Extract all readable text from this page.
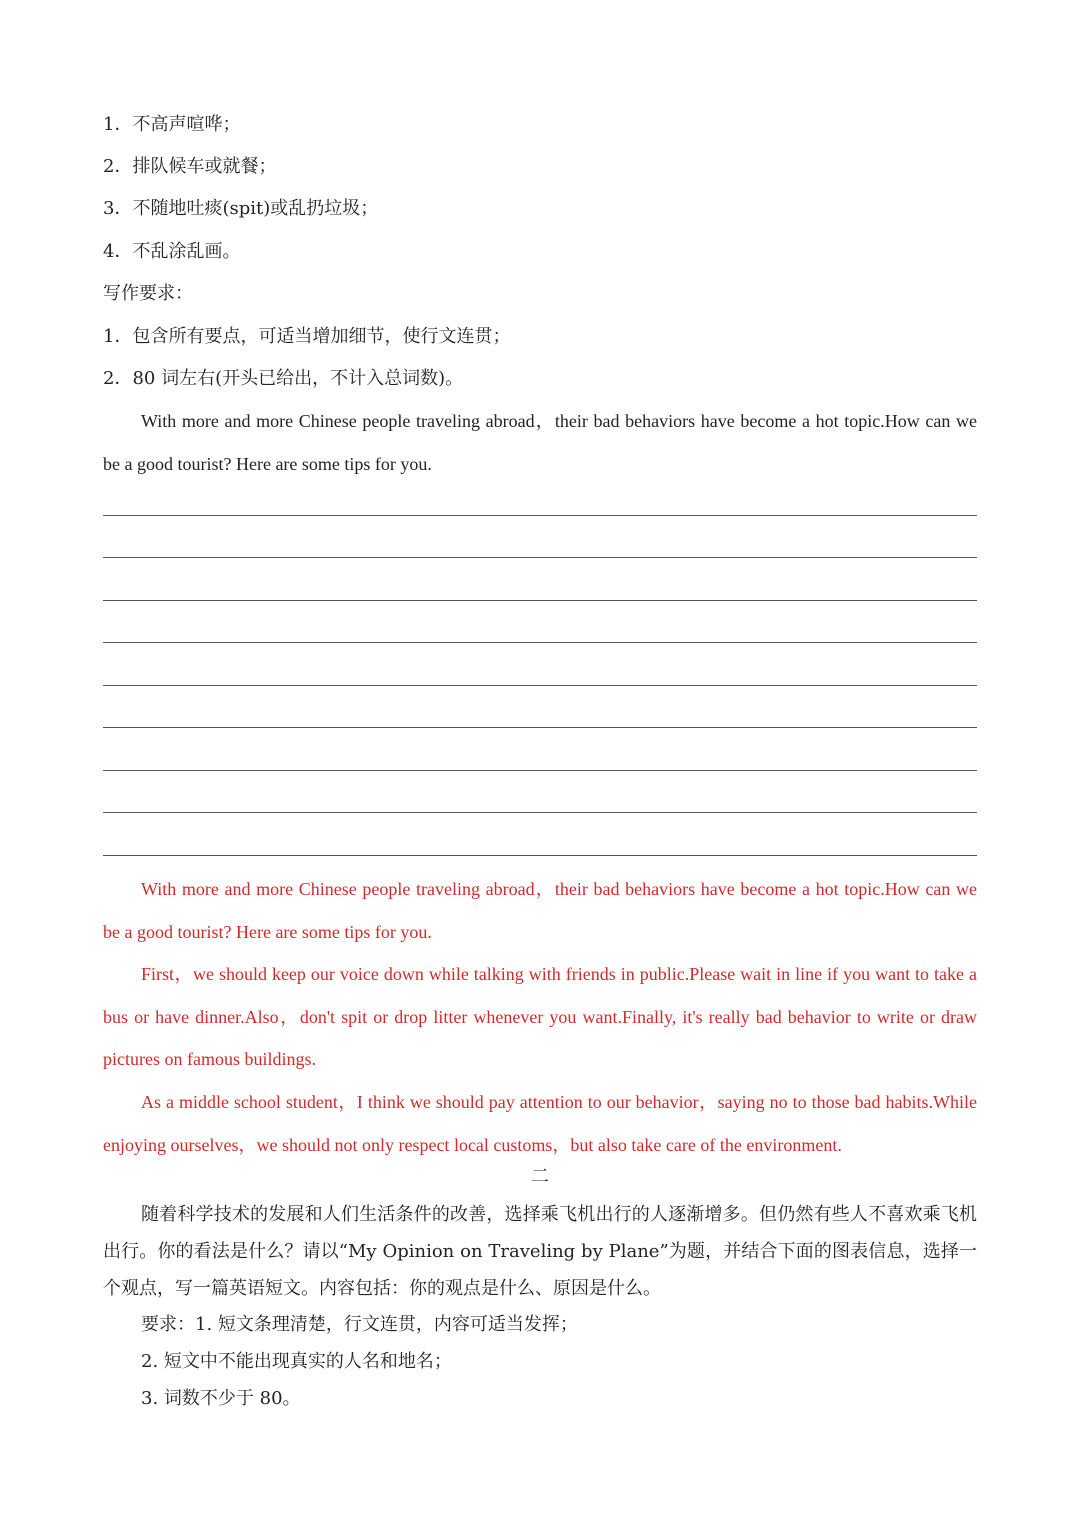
1．不高声喧哗；

2．排队候车或就餐；

3．不随地吐痰(spit)或乱扔垃圾；

4．不乱涂乱画。

写作要求：

1．包含所有要点，可适当增加细节，使行文连贯；

2．80 词左右(开头已给出，不计入总词数)。

With more and more Chinese people traveling abroad，their bad behaviors have become a hot topic.How can we be a good tourist? Here are some tips for you.

With more and more Chinese people traveling abroad，their bad behaviors have become a hot topic.How can we be a good tourist? Here are some tips for you.

First，we should keep our voice down while talking with friends in public.Please wait in line if you want to take a bus or have dinner.Also，don't spit or drop litter whenever you want.Finally, it's really bad behavior to write or draw pictures on famous buildings.

As a middle school student，I think we should pay attention to our behavior，saying no to those bad habits.While enjoying ourselves，we should not only respect local customs，but also take care of the environment.

二

随着科学技术的发展和人们生活条件的改善，选择乘飞机出行的人逐渐增多。但仍然有些人不喜欢乘飞机出行。你的看法是什么？请以“My Opinion on Traveling by Plane”为题，并结合下面的图表信息，选择一个观点，写一篇英语短文。内容包括：你的观点是什么、原因是什么。

要求：1. 短文条理清楚，行文连贯，内容可适当发挥；

2. 短文中不能出现真实的人名和地名；

3. 词数不少于 80。
